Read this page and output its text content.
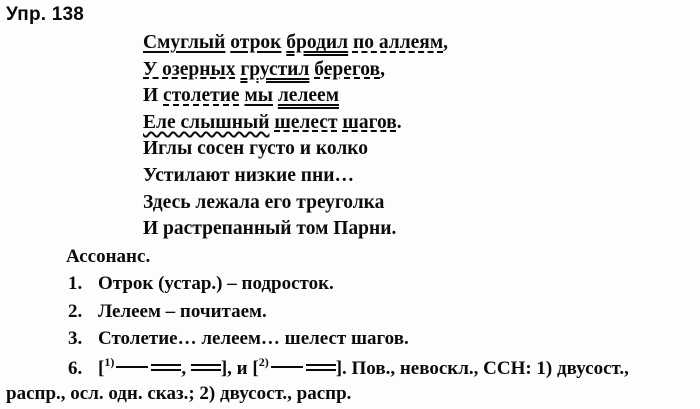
Упр. 138
Смуглый отрок бродил по аллеям,
У озерных грустил берегов,
И столетие мы лелеем
Еле слышный шелест шагов.
Иглы сосен густо и колко
Устилают низкие пни…
Здесь лежала его треуголка
И растрепанный том Парни.
Ассонанс.
1. Отрок (устар.) – подросток.
2. Лелеем – почитаем.
3. Столетие… лелеем… шелест шагов.
6. [$^{1)}$	, ], и [$^{2)}$	]. Пов., невоскл., ССН: 1) двусост.,
распр., осл. одн. сказ.; 2) двусост., распр.
